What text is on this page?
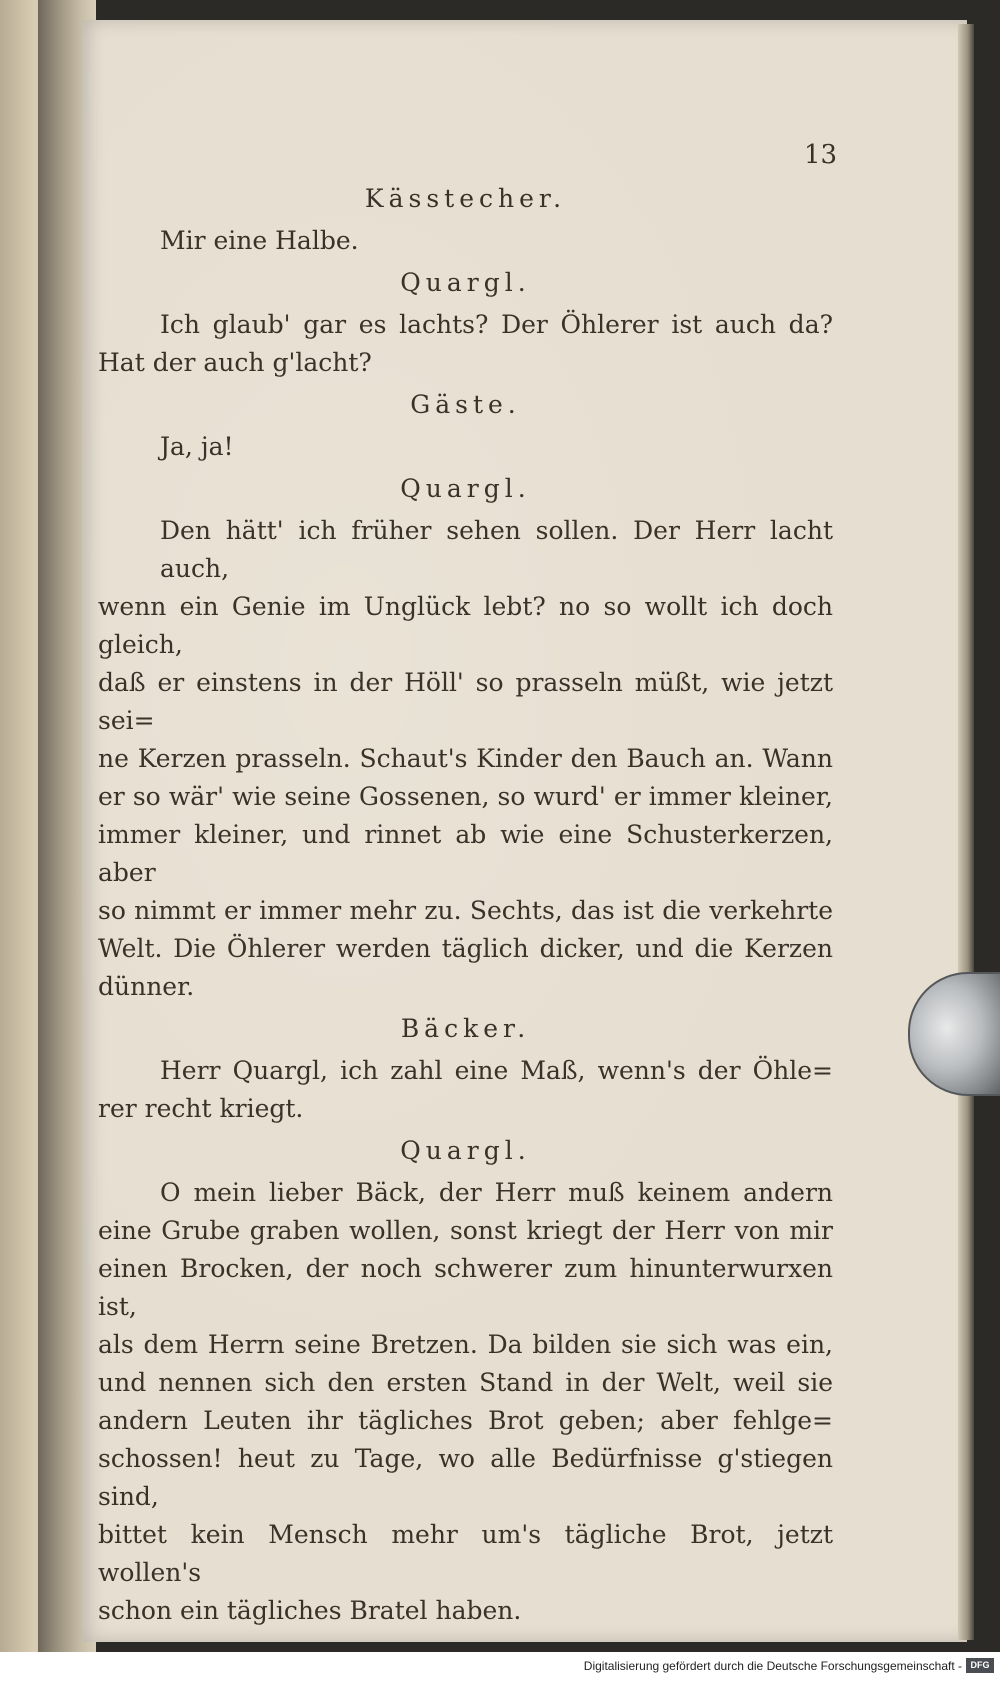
13
Kässtecher.
Mir eine Halbe.
Quargl.
Ich glaub' gar es lachts? Der Öhlerer ist auch da?
Hat der auch g'lacht?
Gäste.
Ja, ja!
Quargl.
Den hätt' ich früher sehen sollen. Der Herr lacht auch,
wenn ein Genie im Unglück lebt? no so wollt ich doch gleich,
daß er einstens in der Höll' so prasseln müßt, wie jetzt sei=
ne Kerzen prasseln. Schaut's Kinder den Bauch an. Wann
er so wär' wie seine Gossenen, so wurd' er immer kleiner,
immer kleiner, und rinnet ab wie eine Schusterkerzen, aber
so nimmt er immer mehr zu. Sechts, das ist die verkehrte
Welt. Die Öhlerer werden täglich dicker, und die Kerzen
dünner.
Bäcker.
Herr Quargl, ich zahl eine Maß, wenn's der Öhle=
rer recht kriegt.
Quargl.
O mein lieber Bäck, der Herr muß keinem andern
eine Grube graben wollen, sonst kriegt der Herr von mir
einen Brocken, der noch schwerer zum hinunterwurxen ist,
als dem Herrn seine Bretzen. Da bilden sie sich was ein,
und nennen sich den ersten Stand in der Welt, weil sie
andern Leuten ihr tägliches Brot geben; aber fehlge=
schossen! heut zu Tage, wo alle Bedürfnisse g'stiegen sind,
bittet kein Mensch mehr um's tägliche Brot, jetzt wollen's
schon ein tägliches Bratel haben.
Digitalisierung gefördert durch die Deutsche Forschungsgemeinschaft - DFG
